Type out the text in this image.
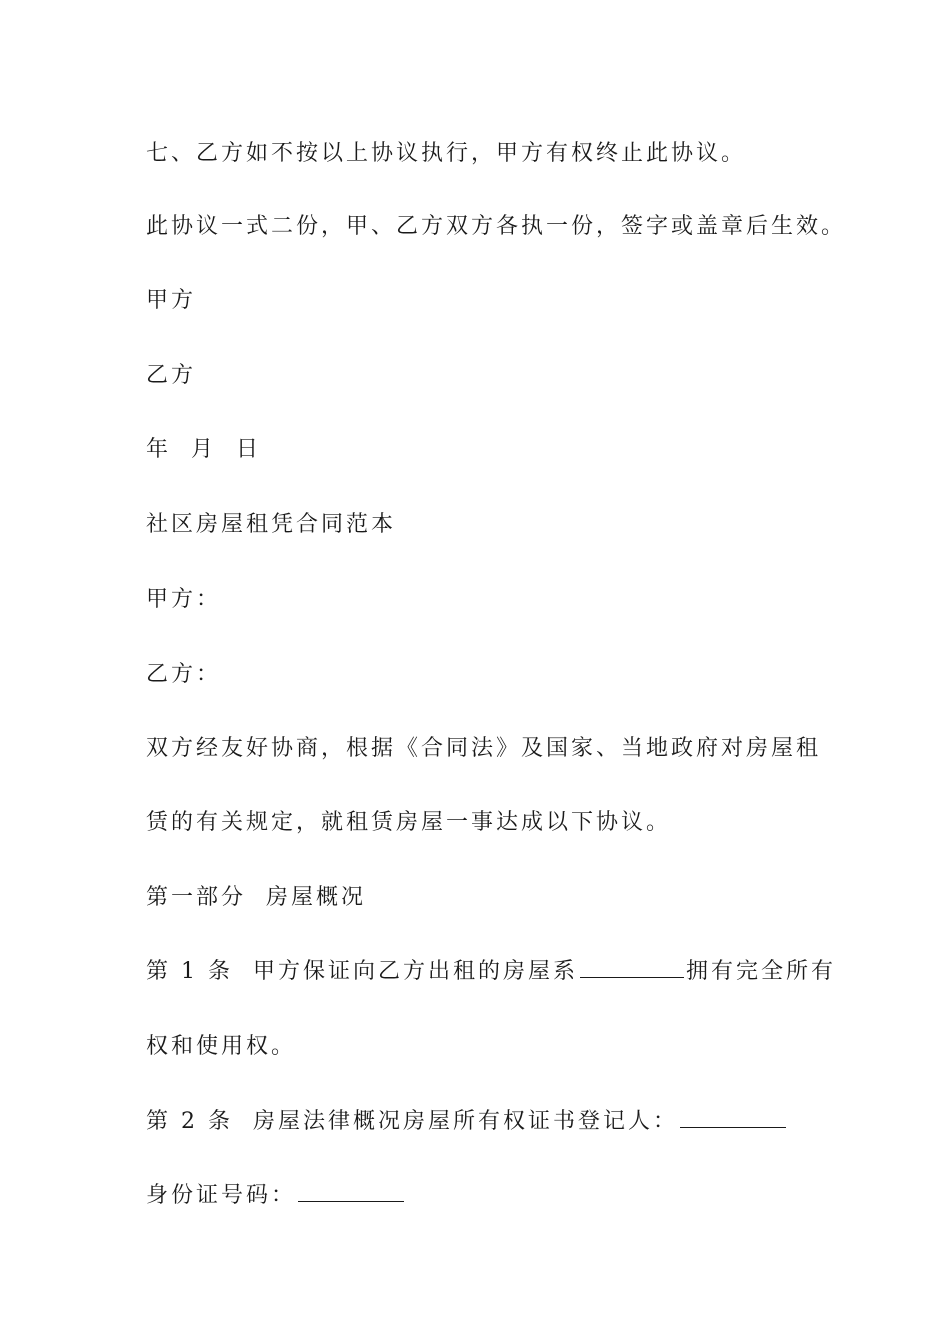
七、乙方如不按以上协议执行，甲方有权终止此协议。
此协议一式二份，甲、乙方双方各执一份，签字或盖章后生效。
甲方
乙方
年  月  日
社区房屋租凭合同范本
甲方：
乙方：
双方经友好协商，根据《合同法》及国家、当地政府对房屋租
赁的有关规定，就租赁房屋一事达成以下协议。
第一部分  房屋概况
第 1 条  甲方保证向乙方出租的房屋系	拥有完全所有
权和使用权。
第 2 条  房屋法律概况房屋所有权证书登记人：
身份证号码：
